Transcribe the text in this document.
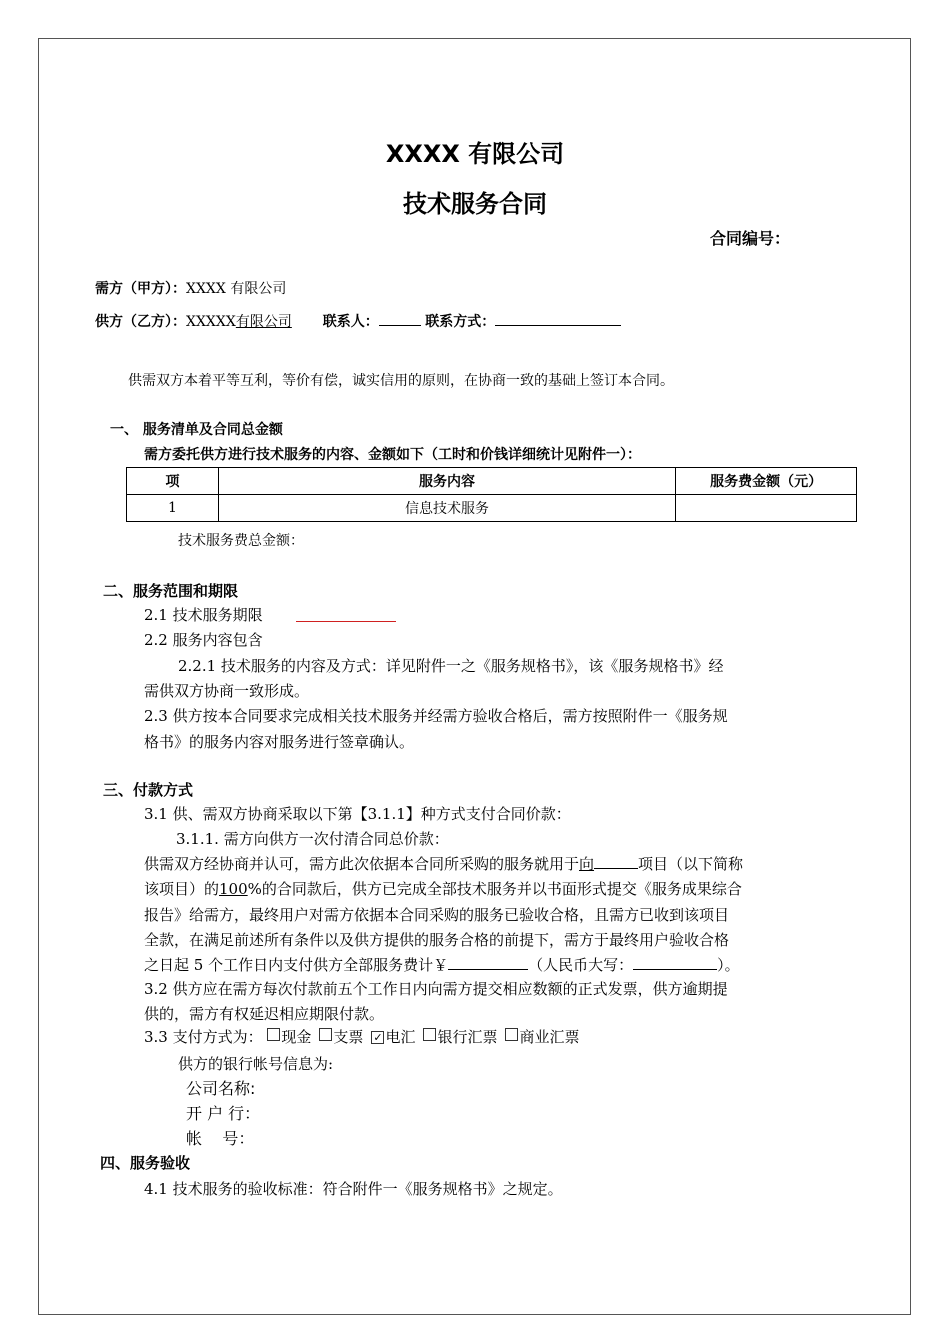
XXXX 有限公司
技术服务合同
合同编号：
需方（甲方）：XXXX 有限公司
供方（乙方）：XXXXX有限公司 联系人：	联系方式：
供需双方本着平等互利，等价有偿，诚实信用的原则，在协商一致的基础上签订本合同。
一、 服务清单及合同总金额
需方委托供方进行技术服务的内容、金额如下（工时和价钱详细统计见附件一）：
项	服务内容	服务费金额（元）
1	信息技术服务	
技术服务费总金额：
二、服务范围和期限
2.1 技术服务期限
2.2 服务内容包含
2.2.1 技术服务的内容及方式：详见附件一之《服务规格书》，该《服务规格书》经
需供双方协商一致形成。
2.3 供方按本合同要求完成相关技术服务并经需方验收合格后，需方按照附件一《服务规
格书》的服务内容对服务进行签章确认。
三、付款方式
3.1 供、需双方协商采取以下第【3.1.1】种方式支付合同价款：
3.1.1. 需方向供方一次付清合同总价款：
供需双方经协商并认可，需方此次依据本合同所采购的服务就用于向	项目（以下简称
该项目）的100%的合同款后，供方已完成全部技术服务并以书面形式提交《服务成果综合
报告》给需方，最终用户对需方依据本合同采购的服务已验收合格，且需方已收到该项目
全款，在满足前述所有条件以及供方提供的服务合格的前提下，需方于最终用户验收合格
之日起 5 个工作日内支付供方全部服务费计￥	（人民币大写：	）。
3.2 供方应在需方每次付款前五个工作日内向需方提交相应数额的正式发票，供方逾期提
供的，需方有权延迟相应期限付款。
3.3 支付方式为： 现金 支票 ✓ 电汇 银行汇票 商业汇票
供方的银行帐号信息为:
公司名称:
开 户 行：
帐    号：
四、服务验收
4.1 技术服务的验收标准：符合附件一《服务规格书》之规定。
